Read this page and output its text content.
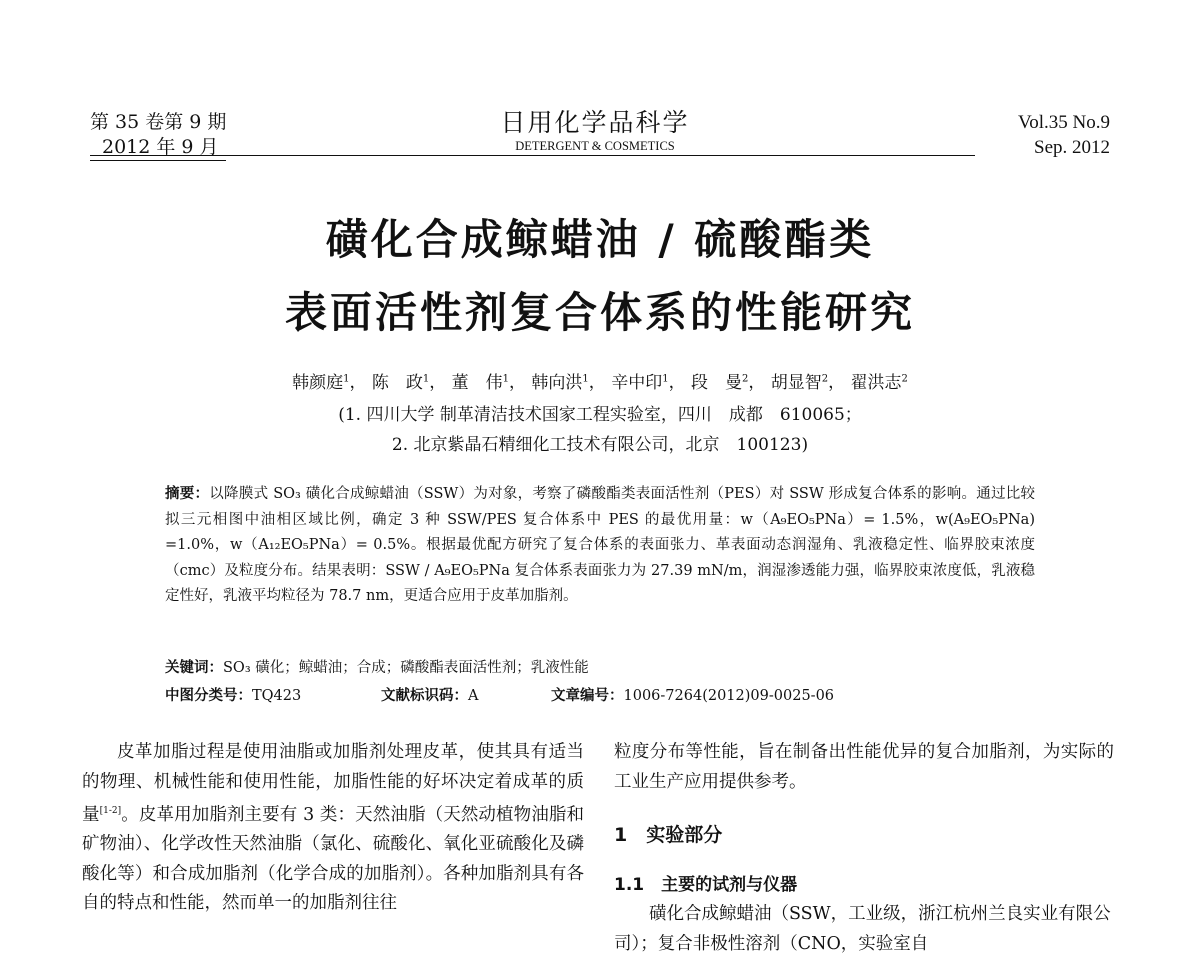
第 35 卷第 9 期
2012 年 9 月
日用化学品科学
DETERGENT & COSMETICS
Vol.35 No.9
Sep. 2012
磺化合成鲸蜡油 / 硫酸酯类
表面活性剂复合体系的性能研究
韩颜庭$^1$， 陈　政$^1$， 董　伟$^1$， 韩向洪$^1$， 辛中印$^1$， 段　曼$^2$， 胡显智$^2$， 翟洪志$^2$
(1. 四川大学 制革清洁技术国家工程实验室，四川　成都　610065；
2. 北京紫晶石精细化工技术有限公司，北京　100123)
摘要：以降膜式 SO₃ 磺化合成鲸蜡油（SSW）为对象，考察了磷酸酯类表面活性剂（PES）对 SSW 形成复合体系的影响。通过比较拟三元相图中油相区域比例，确定 3 种 SSW/PES 复合体系中 PES 的最优用量：w（A₉EO₅PNa）= 1.5%，w(A₉EO₅PNa) =1.0%，w（A₁₂EO₅PNa）= 0.5%。根据最优配方研究了复合体系的表面张力、革表面动态润湿角、乳液稳定性、临界胶束浓度（cmc）及粒度分布。结果表明：SSW / A₉EO₅PNa 复合体系表面张力为 27.39 mN/m，润湿渗透能力强，临界胶束浓度低，乳液稳定性好，乳液平均粒径为 78.7 nm，更适合应用于皮革加脂剂。
关键词：SO₃ 磺化；鲸蜡油；合成；磷酸酯表面活性剂；乳液性能
中图分类号：TQ423	文献标识码：A	文章编号：1006-7264(2012)09-0025-06
皮革加脂过程是使用油脂或加脂剂处理皮革，使其具有适当的物理、机械性能和使用性能，加脂性能的好坏决定着成革的质量[1-2]。皮革用加脂剂主要有 3 类：天然油脂（天然动植物油脂和矿物油）、化学改性天然油脂（氯化、硫酸化、氧化亚硫酸化及磷酸化等）和合成加脂剂（化学合成的加脂剂）。各种加脂剂具有各自的特点和性能，然而单一的加脂剂往往
粒度分布等性能，旨在制备出性能优异的复合加脂剂，为实际的工业生产应用提供参考。
1　实验部分
1.1　主要的试剂与仪器
磺化合成鲸蜡油（SSW，工业级，浙江杭州兰良实业有限公司）；复合非极性溶剂（CNO，实验室自
